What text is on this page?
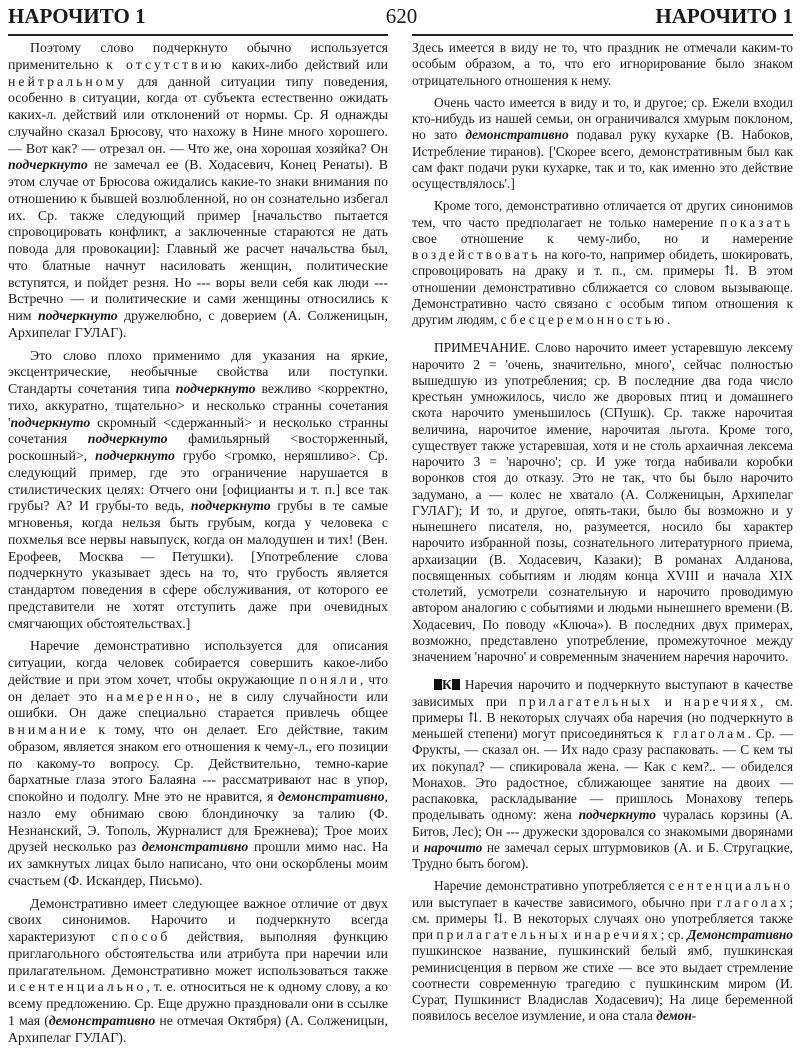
НАРОЧИТО 1	620	НАРОЧИТО 1

Поэтому слово подчеркнуто обычно используется применительно к отсутствию каких-либо действий или нейтральному для данной ситуации типу поведения, особенно в ситуации, когда от субъекта естественно ожидать каких-л. действий или отклонений от нормы. Ср. Я однажды случайно сказал Брюсову, что нахожу в Нине много хорошего. — Вот как? — отрезал он. — Что же, она хорошая хозяйка? Он подчеркнуто не замечал ее (В. Ходасевич, Конец Ренаты). В этом случае от Брюсова ожидались какие-то знаки внимания по отношению к бывшей возлюбленной, но он сознательно избегал их. Ср. также следующий пример [начальство пытается спровоцировать конфликт, а заключенные стараются не дать повода для провокации]: Главный же расчет начальства был, что блатные начнут насиловать женщин, политические вступятся, и пойдет резня. Но --- воры вели себя как люди --- Встречно — и политические и сами женщины относились к ним подчеркнуто дружелюбно, с доверием (А. Солженицын, Архипелаг ГУЛАГ).

Это слово плохо применимо для указания на яркие, эксцентрические, необычные свойства или поступки. Стандарты сочетания типа подчеркнуто вежливо <корректно, тихо, аккуратно, тщательно> и несколько странны сочетания 'подчеркнуто скромный <сдержанный> и несколько странны сочетания подчеркнуто фамильярный <восторженный, роскошный>, подчеркнуто грубо <громко, неряшливо>. Ср. следующий пример, где это ограничение нарушается в стилистических целях: Отчего они [официанты и т. п.] все так грубы? А? И грубы-то ведь, подчеркнуто грубы в те самые мгновенья, когда нельзя быть грубым, когда у человека с похмелья все нервы навыпуск, когда он малодушен и тих! (Вен. Ерофеев, Москва — Петушки). [Употребление слова подчеркнуто указывает здесь на то, что грубость является стандартом поведения в сфере обслуживания, от которого ее представители не хотят отступить даже при очевидных смягчающих обстоятельствах.]

Наречие демонстративно используется для описания ситуации, когда человек собирается совершить какое-либо действие и при этом хочет, чтобы окружающие поняли, что он делает это намеренно, не в силу случайности или ошибки. Он даже специально старается привлечь общее внимание к тому, что он делает. Его действие, таким образом, является знаком его отношения к чему-л., его позиции по какому-то вопросу. Ср. Действительно, темно-карие бархатные глаза этого Балаяна --- рассматривают нас в упор, спокойно и подолгу. Мне это не нравится, я демонстративно, назло ему обнимаю свою блондиночку за талию (Ф. Незнанский, Э. Тополь, Журналист для Брежнева); Трое моих друзей несколько раз демонстративно прошли мимо нас. На их замкнутых лицах было написано, что они оскорблены моим счастьем (Ф. Искандер, Письмо).

Демонстративно имеет следующее важное отличие от двух своих синонимов. Нарочито и подчеркнуто всегда характеризуют способ действия, выполняя функцию приглагольного обстоятельства или атрибута при наречии или прилагательном. Демонстративно может использоваться также и сентенциально, т. е. относиться не к одному слову, а ко всему предложению. Ср. Еще дружно праздновали они в ссылке 1 мая (демонстративно не отмечая Октября) (А. Солженицын, Архипелаг ГУЛАГ).

Здесь имеется в виду не то, что праздник не отмечали каким-то особым образом, а то, что его игнорирование было знаком отрицательного отношения к нему.

Очень часто имеется в виду и то, и другое; ср. Ежели входил кто-нибудь из нашей семьи, он ограничивался хмурым поклоном, но зато демонстративно подавал руку кухарке (В. Набоков, Истребление тиранов). ['Скорее всего, демонстративным был как сам факт подачи руки кухарке, так и то, как именно это действие осуществлялось'.]

Кроме того, демонстративно отличается от других синонимов тем, что часто предполагает не только намерение показать свое отношение к чему-либо, но и намерение воздействовать на кого-то, например обидеть, шокировать, спровоцировать на драку и т. п., см. примеры ⇅. В этом отношении демонстративно сближается со словом вызывающе. Демонстративно часто связано с особым типом отношения к другим людям, с бесцеремонностью.

ПРИМЕЧАНИЕ. Слово нарочито имеет устаревшую лексему нарочито 2 = 'очень, значительно, много', сейчас полностью вышедшую из употребления; ср. В последние два года число крестьян умножилось, число же дворовых птиц и домашнего скота нарочито уменьшилось (СПушк). Ср. также нарочитая величина, нарочитое имение, нарочитая льгота. Кроме того, существует также устаревшая, хотя и не столь архаичная лексема нарочито 3 = 'нарочно'; ср. И уже тогда набивали коробки воронков стоя до отказу. Это не так, что бы было нарочито задумано, а — колес не хватало (А. Солженицын, Архипелаг ГУЛАГ); И то, и другое, опять-таки, было бы возможно и у нынешнего писателя, но, разумеется, носило бы характер нарочито избранной позы, сознательного литературного приема, архаизации (В. Ходасевич, Казаки); В романах Алданова, посвященных событиям и людям конца XVIII и начала XIX столетий, усмотрели сознательную и нарочито проводимую автором аналогию с событиями и людьми нынешнего времени (В. Ходасевич, По поводу «Ключа»). В последних двух примерах, возможно, представлено употребление, промежуточное между значением 'нарочно' и современным значением наречия нарочито.

К Наречия нарочито и подчеркнуто выступают в качестве зависимых при прилагательных и наречиях, см. примеры ⇅. В некоторых случаях оба наречия (но подчеркнуто в меньшей степени) могут присоединяться к глаголам. Ср. — Фрукты, — сказал он. — Их надо сразу распаковать. — С кем ты их покупал? — спикировала жена. — Как с кем?.. — обиделся Монахов. Это радостное, сближающее занятие на двоих — распаковка, раскладывание — пришлось Монахову теперь проделывать одному: жена подчеркнуто чуралась корзины (А. Битов, Лес); Он --- дружески здоровался со знакомыми дворянами и нарочито не замечал серых штурмовиков (А. и Б. Стругацкие, Трудно быть богом).

Наречие демонстративно употребляется сентенциально или выступает в качестве зависимого, обычно при глаголах; см. примеры ⇅. В некоторых случаях оно употребляется также при прилагательных и наречиях; ср. Демонстративно пушкинское название, пушкинский белый ямб, пушкинская реминисценция в первом же стихе — все это выдает стремление соотнести современную трагедию с пушкинским миром (И. Сурат, Пушкинист Владислав Ходасевич); На лице беременной появилось веселое изумление, и она стала демон-
